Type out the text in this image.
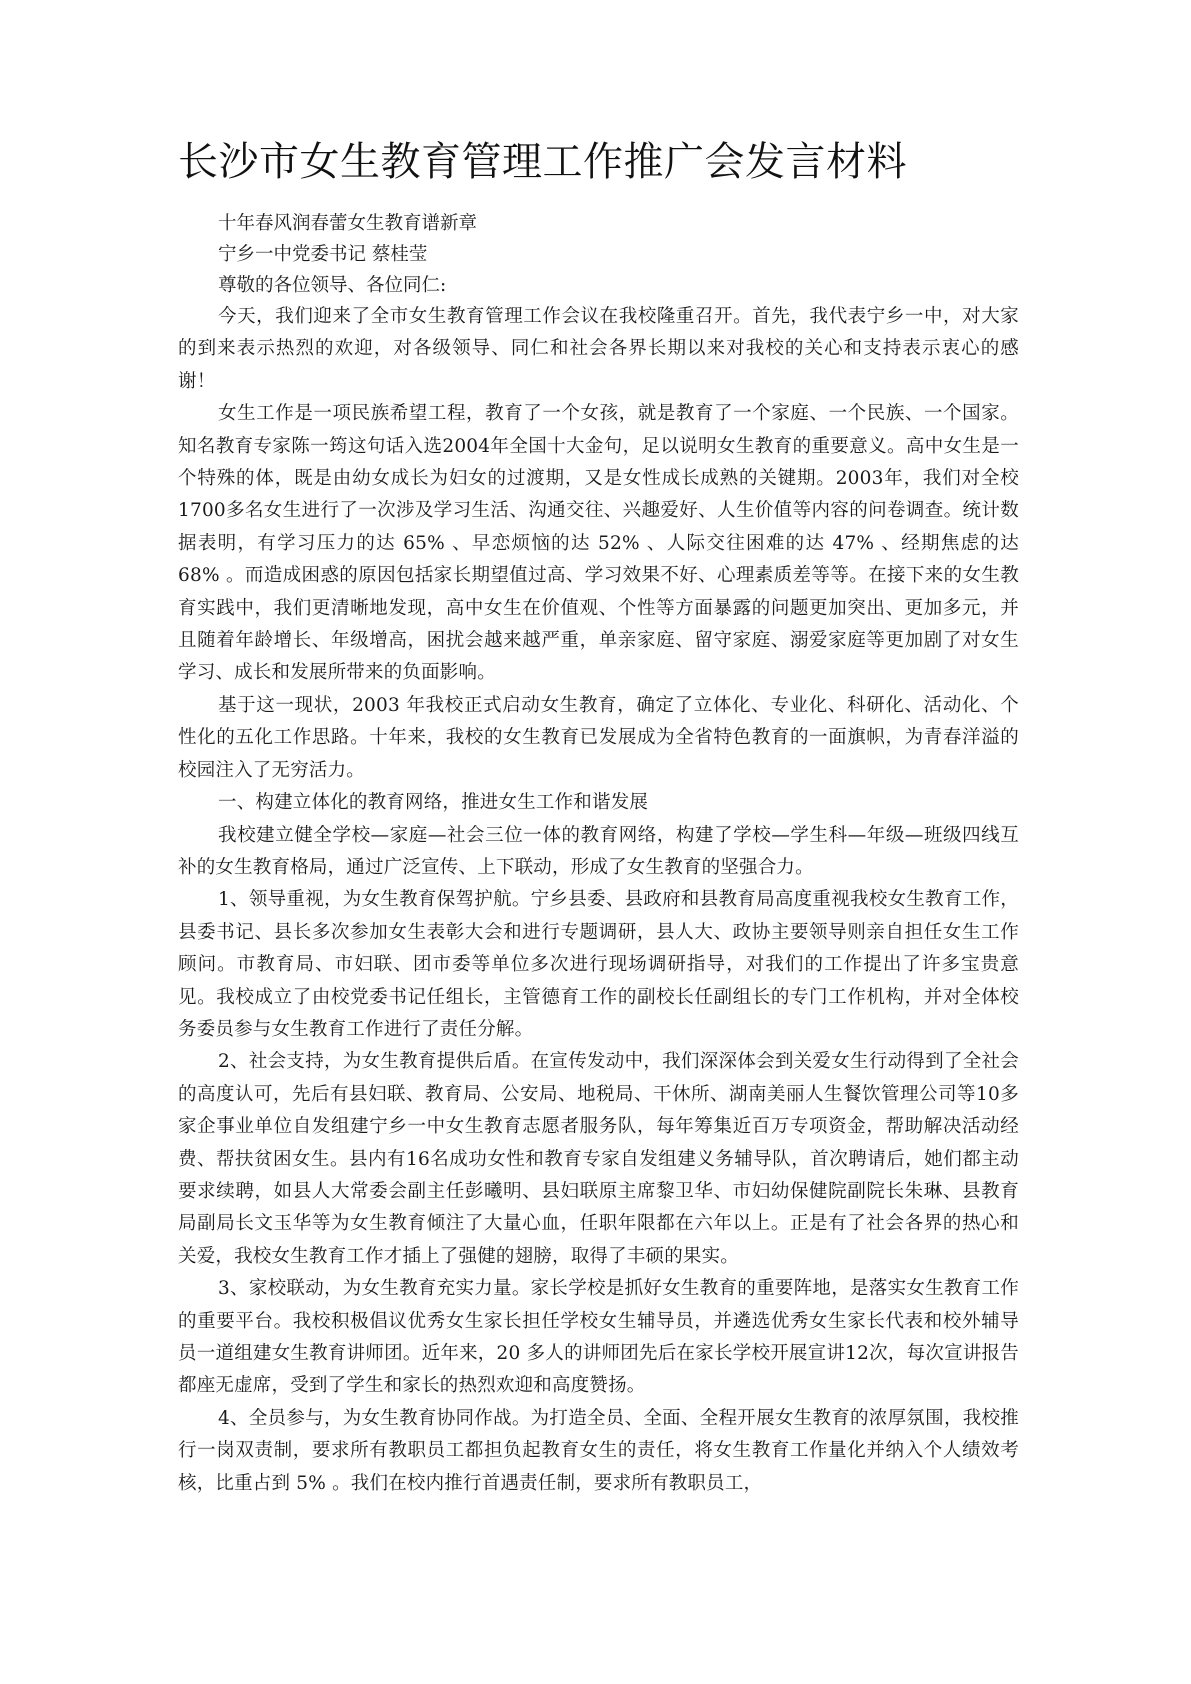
长沙市女生教育管理工作推广会发言材料

十年春风润春蕾女生教育谱新章

宁乡一中党委书记 蔡桂莹

尊敬的各位领导、各位同仁:

今天，我们迎来了全市女生教育管理工作会议在我校隆重召开。首先，我代表宁乡一中，对大家的到来表示热烈的欢迎，对各级领导、同仁和社会各界长期以来对我校的关心和支持表示衷心的感谢！

女生工作是一项民族希望工程，教育了一个女孩，就是教育了一个家庭、一个民族、一个国家。知名教育专家陈一筠这句话入选2004年全国十大金句，足以说明女生教育的重要意义。高中女生是一个特殊的体，既是由幼女成长为妇女的过渡期，又是女性成长成熟的关键期。2003年，我们对全校1700多名女生进行了一次涉及学习生活、沟通交往、兴趣爱好、人生价值等内容的问卷调查。统计数据表明，有学习压力的达 65% 、早恋烦恼的达 52% 、人际交往困难的达 47% 、经期焦虑的达 68% 。而造成困惑的原因包括家长期望值过高、学习效果不好、心理素质差等等。在接下来的女生教育实践中，我们更清晰地发现，高中女生在价值观、个性等方面暴露的问题更加突出、更加多元，并且随着年龄增长、年级增高，困扰会越来越严重，单亲家庭、留守家庭、溺爱家庭等更加剧了对女生学习、成长和发展所带来的负面影响。

基于这一现状，2003 年我校正式启动女生教育，确定了立体化、专业化、科研化、活动化、个性化的五化工作思路。十年来，我校的女生教育已发展成为全省特色教育的一面旗帜，为青春洋溢的校园注入了无穷活力。

一、构建立体化的教育网络，推进女生工作和谐发展

我校建立健全学校—家庭—社会三位一体的教育网络，构建了学校—学生科—年级—班级四线互补的女生教育格局，通过广泛宣传、上下联动，形成了女生教育的坚强合力。

1、领导重视，为女生教育保驾护航。宁乡县委、县政府和县教育局高度重视我校女生教育工作，县委书记、县长多次参加女生表彰大会和进行专题调研，县人大、政协主要领导则亲自担任女生工作顾问。市教育局、市妇联、团市委等单位多次进行现场调研指导，对我们的工作提出了许多宝贵意见。我校成立了由校党委书记任组长，主管德育工作的副校长任副组长的专门工作机构，并对全体校务委员参与女生教育工作进行了责任分解。

2、社会支持，为女生教育提供后盾。在宣传发动中，我们深深体会到关爱女生行动得到了全社会的高度认可，先后有县妇联、教育局、公安局、地税局、干休所、湖南美丽人生餐饮管理公司等10多家企事业单位自发组建宁乡一中女生教育志愿者服务队，每年筹集近百万专项资金，帮助解决活动经费、帮扶贫困女生。县内有16名成功女性和教育专家自发组建义务辅导队，首次聘请后，她们都主动要求续聘，如县人大常委会副主任彭曦明、县妇联原主席黎卫华、市妇幼保健院副院长朱琳、县教育局副局长文玉华等为女生教育倾注了大量心血，任职年限都在六年以上。正是有了社会各界的热心和关爱，我校女生教育工作才插上了强健的翅膀，取得了丰硕的果实。

3、家校联动，为女生教育充实力量。家长学校是抓好女生教育的重要阵地，是落实女生教育工作的重要平台。我校积极倡议优秀女生家长担任学校女生辅导员，并遴选优秀女生家长代表和校外辅导员一道组建女生教育讲师团。近年来，20 多人的讲师团先后在家长学校开展宣讲12次，每次宣讲报告都座无虚席，受到了学生和家长的热烈欢迎和高度赞扬。

4、全员参与，为女生教育协同作战。为打造全员、全面、全程开展女生教育的浓厚氛围，我校推行一岗双责制，要求所有教职员工都担负起教育女生的责任，将女生教育工作量化并纳入个人绩效考核，比重占到 5% 。我们在校内推行首遇责任制，要求所有教职员工，
